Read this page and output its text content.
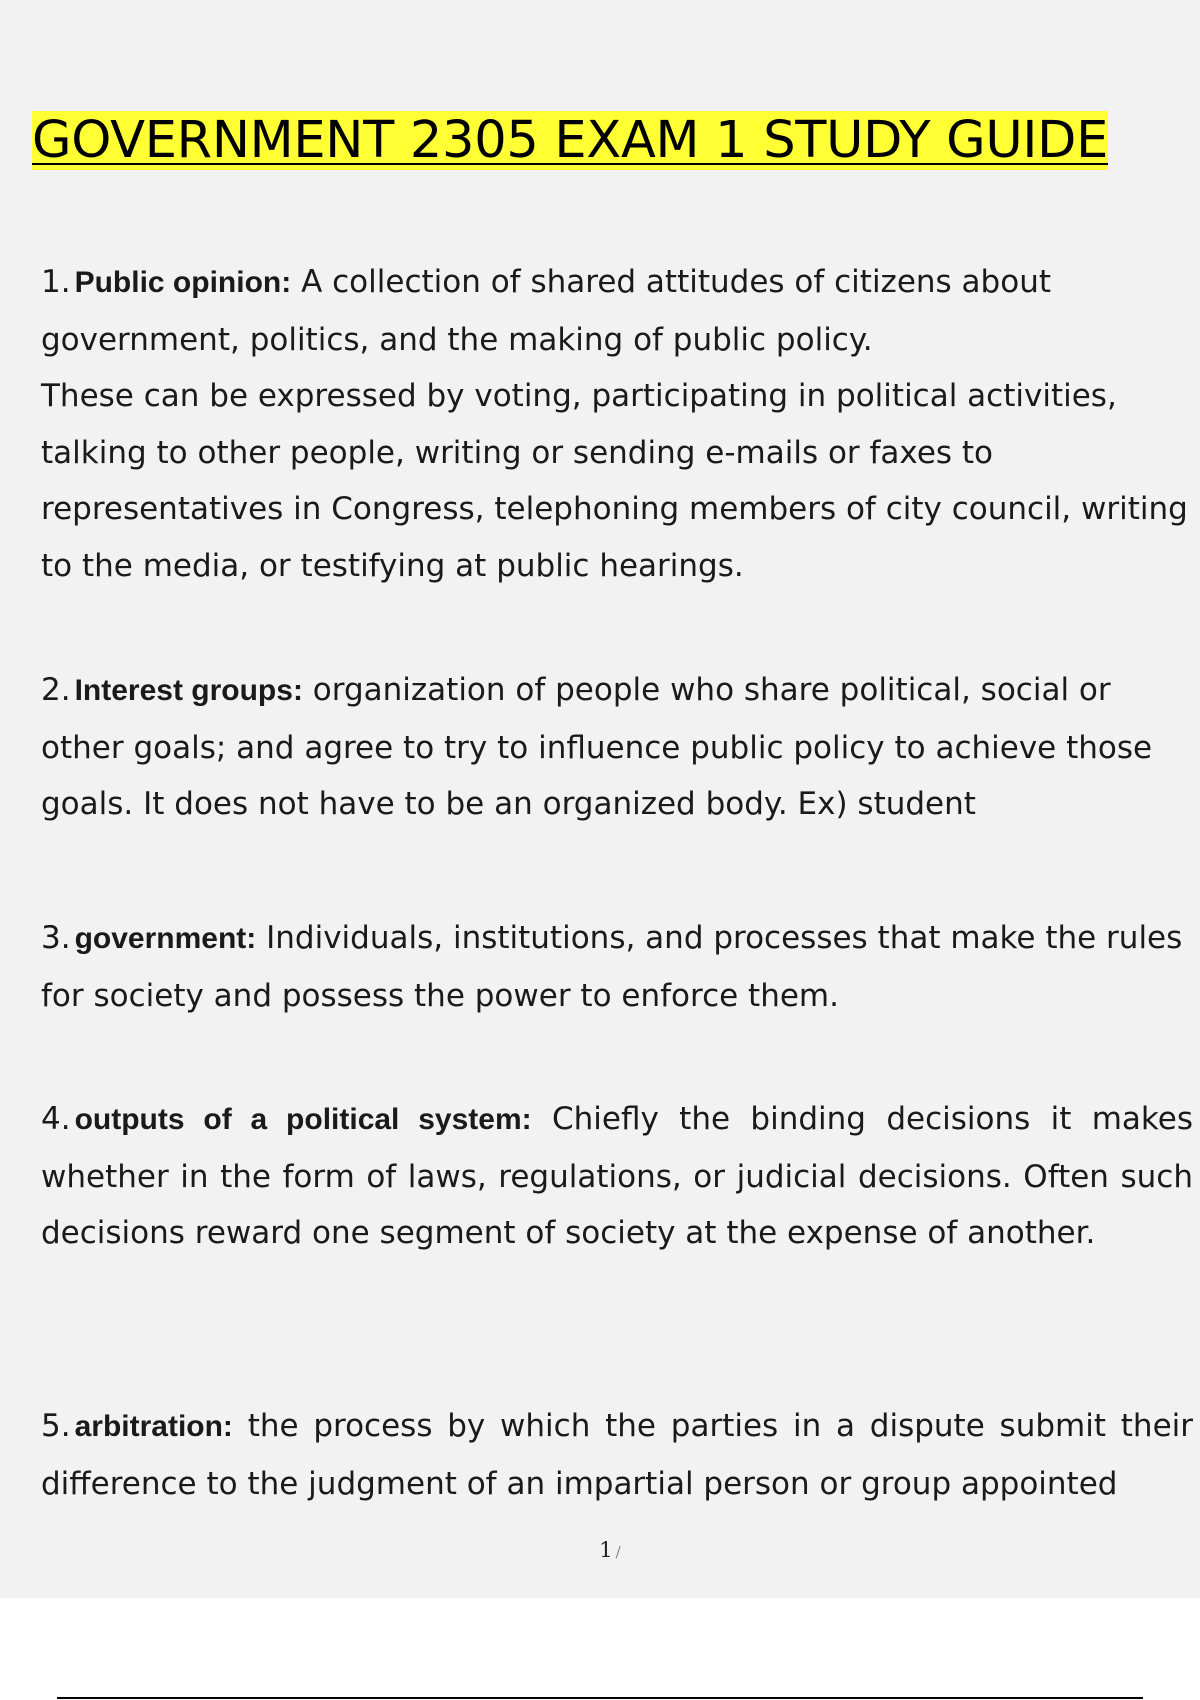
GOVERNMENT 2305 EXAM 1 STUDY GUIDE

1. Public opinion: A collection of shared attitudes of citizens about government, politics, and the making of public policy.
These can be expressed by voting, participating in political activities, talking to other people, writing or sending e-mails or faxes to representatives in Congress, telephoning members of city council, writing to the media, or testifying at public hearings.

2. Interest groups: organization of people who share political, social or other goals; and agree to try to influence public policy to achieve those goals. It does not have to be an organized body. Ex) student

3. government: Individuals, institutions, and processes that make the rules for society and possess the power to enforce them.

4. outputs of a political system: Chiefly the binding decisions it makes whether in the form of laws, regulations, or judicial decisions. Often such decisions reward one segment of society at the expense of another.

5. arbitration: the process by which the parties in a dispute submit their difference to the judgment of an impartial person or group appointed

1 /
